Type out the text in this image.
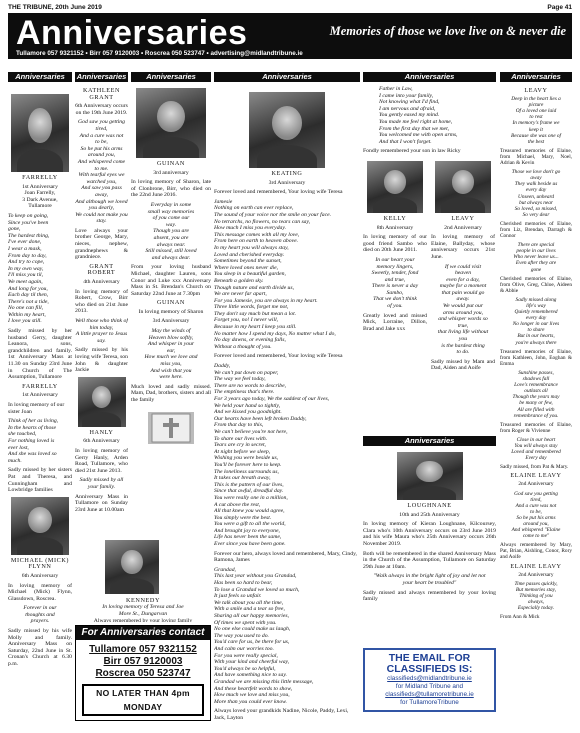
THE TRIBUNE, 20th June 2019	Page 41
Anniversaries	Memories of those we love live on & never die
Tullamore 057 9321152 • Birr 057 9120003 • Roscrea 050 523747 • advertising@midlandtribune.ie
Anniversaries	Anniversaries	Anniversaries	Anniversaries	Anniversaries	Anniversaries
FARRELLY

1st Anniversary
Joan Farrelly,
3 Dark Avenue,
Tullamore

To keep on going,
Since you've been
gone,
The hardest thing,
I've ever done,
I wear a mask,
From day to day,
And try to cope,
In my own way,
I'll miss you til,
We meet again,
And long for you,
Each day til then,
There's not a tide,
No one can fill,
Within my heart,
I love you still.

Sadly missed by her husband Gerry, daughter Leanora, sons, grandchildren and family. 1st Anniversary Mass at 11.30 on Sunday 23rd June in Church of The Assumption, Tullamore

FARRELLY

1st Anniversary

In loving memory of our sister Joan

Think of her as living,
In the hearts of those
she touched,
For nothing loved is
ever lost,
And she was loved so
much.

Sadly missed by her sisters Pat and Theresa, and Cunningham and Lowbridge families

MICHAEL (MICK) FLYNN

6th Anniversary

In loving memory of Michael (Mick) Flynn, Glassdown, Roscrea.

Forever in our
thoughts and
prayers.

Sadly missed by his wife Molly and family. Anniversary Mass on Saturday, 22nd June in St. Cronan's Church at 6.30 p.m.

KATHLEEN GRANT

6th Anniversary occurs on the 19th June 2019.

God saw you getting
tired,
And a cure was not
to be,
So he put his arms
around you,
And whispered come
to me.
With tearful eyes we
watched you,
And saw you pass
away,
And although we loved
you dearly,
We could not make you
stay.

Love always your brother George, Mary, nieces, nephew, grandnephews & grandniece.

GRANT ROBERT

4th Anniversary

In loving memory of Robert, Crow, Birr who died on 21st June 2013.

Well those who think of
him today,
A little prayer to Jesus
say.

Sadly missed by his loving wife Teresa, son John & daughter Jackie

HANLY

6th Anniversary

In loving memory of Gerry Hanly, Arden Road, Tullamore, who died 21st June 2013.

Sadly missed by all
your family.

Anniversary Mass in Tullamore on Sunday 23rd June at 10.00am

GUINAN

3rd anniversary

In loving memory of Sharon, late of Clonbrone, Birr, who died on the 22nd June 2016.

Everyday in some
small way memories
of you come our
way.
Though you are
absent, you are
always near.
Still missed, still loved
and always dear.

From your loving husband Michael, daughter Lauren, sons Conor and Luke xxx Anniversary Mass in St. Brendan's Church on Saturday 22nd June at 7.30pm

GUINAN

In loving memory of Sharon

3rd Anniversary

May the winds of
Heaven blow softly,
And whisper in your
ear,
How much we love and
miss you,
And wish that you
were here.

Much loved and sadly missed. Mam, Dad, brothers, sisters and all the family

KENNEDY

In loving memory of Teresa and Joe
More St., Dungarvan

Always remembered by your loving family

KEATING

3rd Anniversary

Forever loved and remembered, Your loving wife Teresa

Jamesie
Nothing on earth can ever replace,
The sound of your voice nor the smile on your face.
No tetrarchs, no flowers, no tears can say,
How much I miss you everyday.
This message comes with all my love,
From here on earth to heaven above.
In my heart you will always stay,
Loved and cherished everyday.
Sometimes beyond the sunset,
Where loved ones never die,
You sleep in a beautiful garden,
Beneath a golden sky.
Though nature and earth divide us,
We are never far apart,
For you Jamesie, you are always in my heart.
Three little words, forget me not,
They don't say much but mean a lot.
Forget you, no! I never will,
Because in my heart I keep you still.
No matter how I spend my days, No matter what I do,
No day dawns, or evening falls,
Without a thought of you.

Forever loved and remembered, Your loving wife Teresa

Daddy,
We can't put down on paper,
The way we feel today,
There are no words to describe,
The emptiness that's there.
For 3 years ago today, We the saddest of our lives,
We held your hand so tightly,
And we kissed you goodnight.
Our hearts have been left broken Daddy,
From that day to this,
We can't believe you're not here,
To share our lives with.
Tears are cry in secret,
At night before we sleep,
Wishing you were beside us,
You'll be forever here to keep.
The loneliness surrounds us,
It takes our breath away,
This is the pattern of our lives,
Since that awful, dreadful day.
You were really one in a million,
A cut above the rest,
All that knew you would agree,
You simply were the best.
You were a gift to all the world,
And brought joy to everyone,
Life has never been the same,
Ever since you have been gone.

Forever our hero, always loved and remembered, Mary, Cindy, Ramona, James

Grandad,
This last year without you Grandad,
Has been so hard to bear,
To lose a Grandad we loved so much,
It just feels so unfair.
We talk about you all the time,
With a smile and a tear so free,
Sharing all our happy memories,
Of times we spent with you.
No one else could make us laugh,
The way you used to do.
You'd care for us, be there for us,
And calm our worries too.
For you were really special,
With your kind and cheerful way,
You'd always be so helpful,
And have something nice to say.
Grandad we are missing this little message,
And these heartfelt words to show,
How much we love and miss you,
More than you could ever know.

Always loved your grandkids Nadine, Nicole, Paddy, Lexi, Jack, Layton

Father in Law,
I came into your family,
Not knowing what I'd find,
I am nervous and afraid,
You gently eased my mind.
You made me feel right at home,
From the first day that we met,
You welcomed me with open arms,
And that I won't forget.

Fondly remembered your son in law Ricky

KELLY

8th Anniversary

In loving memory of our good friend Sambo who died on 20th June 2011.

In our heart your
memory lingers,
Sweetly, tender, fond
and true,
There is never a day
Sambo,
That we don't think
of you.

Greatly loved and missed Mick, Lorraine, Dillon, Brad and Jake xxx

LEAVY

2nd Anniversary

In loving memory of Elaine, Ballyday, whose anniversary occurs 21st June.

If we could visit
heaven
even for a day,
maybe for a moment
that pain would go
away.
We would put our
arms around you,
and whisper words so
true,
that living life without
you
is the hardest thing
to do.

Sadly missed by Mam and Dad, Aiden and Aoife

Anniversaries
LOUGHNANE

10th and 25th Anniversary

In loving memory of Kieran Loughnane, Kilcoursey, Clara who's 10th Anniversary occurs on 23rd June 2019 and his wife Maura who's 25th Anniversary occurs 26th November 2019.

Both will be remembered in the shared Anniversary Mass in the Church of the Assumption, Tullamore on Saturday 29th June at 10am.

"Walk always in the bright light of joy and let not
your heart be troubled"

Sadly missed and always remembered by your loving family

LEAVY

Deep in the heart lies a
picture
Of a loved one laid
to rest
In memory's frame we
keep it
Because she was one of
the best

Treasured memories of Elaine, from Michael, Mary, Noel, Adrian & Kevin

Those we love don't go
away
They walk beside us
every day
Unseen, unheard
but always near
So loved, so missed,
So very dear

Cherished memories of Elaine, from Liz, Brendan, Darragh & Connor

There are special
people in our lives
Who never leave us...
Even after they are
gone

Cherished memories of Elaine, from Olive, Greg, Chloe, Aideen & Abbie

Sadly missed along
life's way
Quietly remembered
every day
No longer in our lives
to share
But in our hearts,
you're always there

Treasured memories of Elaine, from Kathleen, John, Eoghan & Emma

Sunshine passes,
shadows fall
Love's remembrance
outlasts all
Though the years may
be many or few,
All are filled with
remembrance of you.

Treasured memories of Elaine, from Roger & Vivienne

Close in our heart
You will always stay
Loved and remembered
Every day

Sadly missed, from Pat & Mary.

ELAINE LEAVY

2nd Anniversary

God saw you getting
tired,
And a cure was not
to be,
So he put his arms
around you,
And whispered "Elaine
come to me"

Always remembered by Mary, Pat, Brian, Aishling, Conor, Rory and Aoife

ELAINE LEAVY

2nd Anniversary

Time passes quickly,
But memories stay,
Thinking of you
always,
Especially today.

From Ann & Mick

For Anniversaries contact
Tullamore 057 9321152
Birr 057 9120003
Roscrea 050 523747
NO LATER THAN 4pm MONDAY
THE EMAIL FOR CLASSIFIEDS IS:
classifieds@midlandtribune.ie
for Midland Tribune and
classifieds@tullamoretribune.ie
for TullamoreTribune
